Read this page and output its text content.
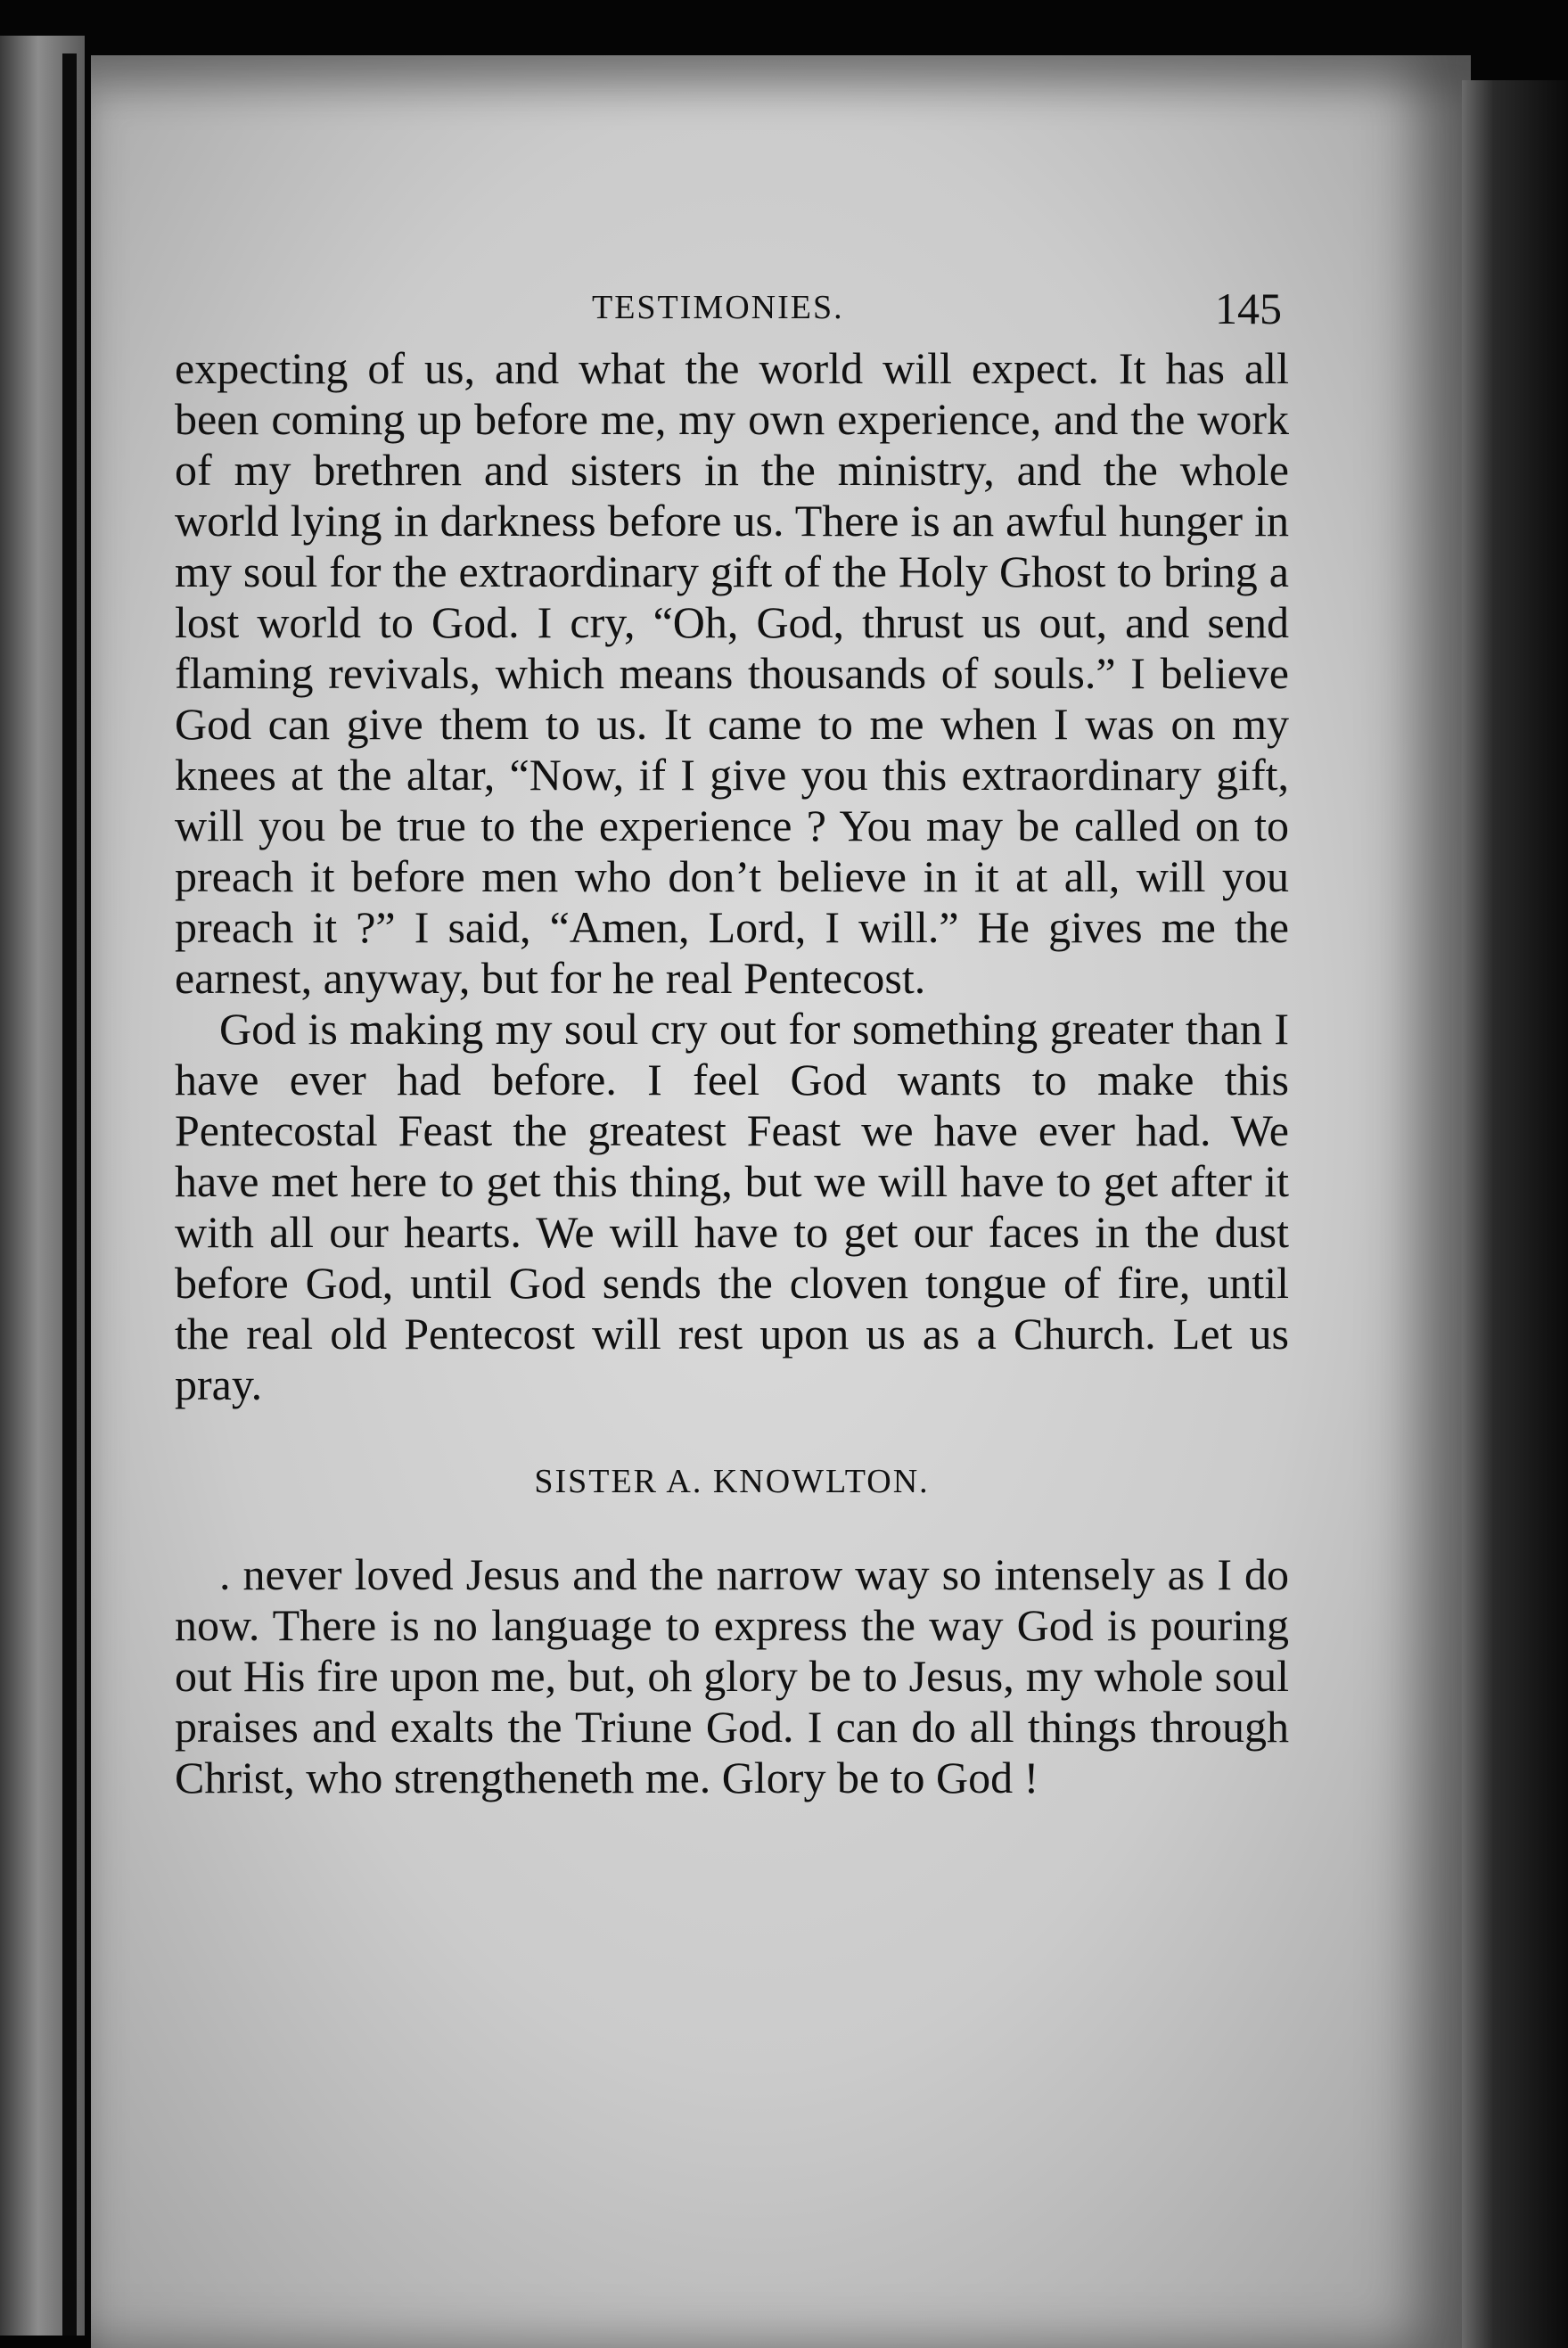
TESTIMONIES.	145

expecting of us, and what the world will expect. It has all been coming up before me, my own experience, and the work of my brethren and sisters in the ministry, and the whole world lying in darkness before us. There is an awful hunger in my soul for the extraordinary gift of the Holy Ghost to bring a lost world to God. I cry, “Oh, God, thrust us out, and send flaming revivals, which means thousands of souls.” I believe God can give them to us. It came to me when I was on my knees at the altar, “Now, if I give you this extraordinary gift, will you be true to the experience ? You may be called on to preach it before men who don’t believe in it at all, will you preach it ?” I said, “Amen, Lord, I will.” He gives me the earnest, anyway, but for he real Pentecost.

God is making my soul cry out for something greater than I have ever had before. I feel God wants to make this Pentecostal Feast the greatest Feast we have ever had. We have met here to get this thing, but we will have to get after it with all our hearts. We will have to get our faces in the dust before God, until God sends the cloven tongue of fire, until the real old Pentecost will rest upon us as a Church. Let us pray.

SISTER A. KNOWLTON.

. never loved Jesus and the narrow way so intensely as I do now. There is no language to express the way God is pouring out His fire upon me, but, oh glory be to Jesus, my whole soul praises and exalts the Triune God. I can do all things through Christ, who strengtheneth me. Glory be to God !
